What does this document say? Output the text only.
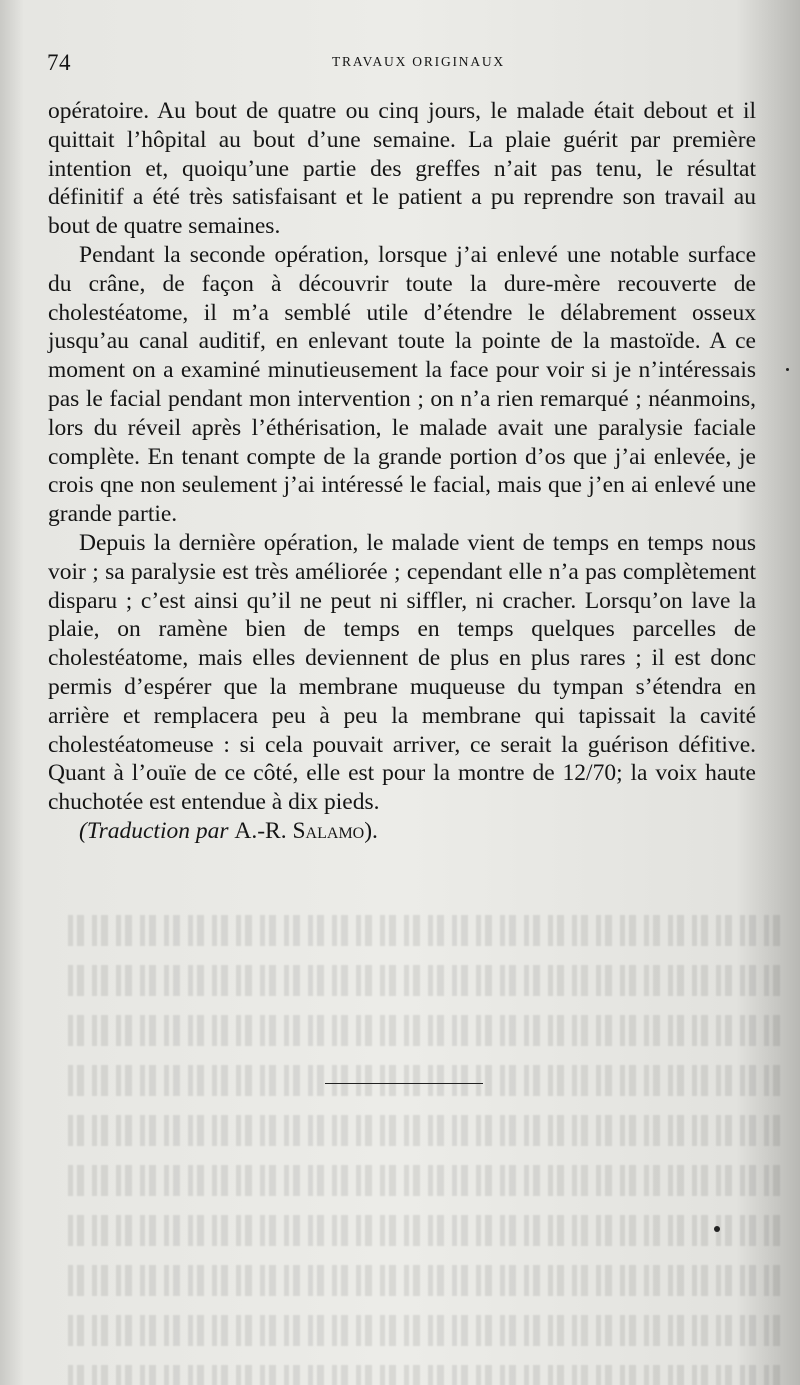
74	TRAVAUX ORIGINAUX

opératoire. Au bout de quatre ou cinq jours, le malade était debout et il quittait l’hôpital au bout d’une semaine. La plaie guérit par première intention et, quoiqu’une partie des greffes n’ait pas tenu, le résultat définitif a été très satisfaisant et le patient a pu reprendre son travail au bout de quatre semaines.

Pendant la seconde opération, lorsque j’ai enlevé une notable surface du crâne, de façon à découvrir toute la dure-mère recouverte de cholestéatome, il m’a semblé utile d’étendre le délabrement osseux jusqu’au canal auditif, en enlevant toute la pointe de la mastoïde. A ce moment on a examiné minutieusement la face pour voir si je n’intéressais pas le facial pendant mon intervention ; on n’a rien remarqué ; néanmoins, lors du réveil après l’éthérisation, le malade avait une paralysie faciale complète. En tenant compte de la grande portion d’os que j’ai enlevée, je crois qne non seulement j’ai intéressé le facial, mais que j’en ai enlevé une grande partie.

Depuis la dernière opération, le malade vient de temps en temps nous voir ; sa paralysie est très améliorée ; cependant elle n’a pas complètement disparu ; c’est ainsi qu’il ne peut ni siffler, ni cracher. Lorsqu’on lave la plaie, on ramène bien de temps en temps quelques parcelles de cholestéatome, mais elles deviennent de plus en plus rares ; il est donc permis d’espérer que la membrane muqueuse du tympan s’étendra en arrière et remplacera peu à peu la membrane qui tapissait la cavité cholestéatomeuse : si cela pouvait arriver, ce serait la guérison défitive. Quant à l’ouïe de ce côté, elle est pour la montre de 12/70; la voix haute chuchotée est entendue à dix pieds.

(Traduction par A.-R. Salamo).
